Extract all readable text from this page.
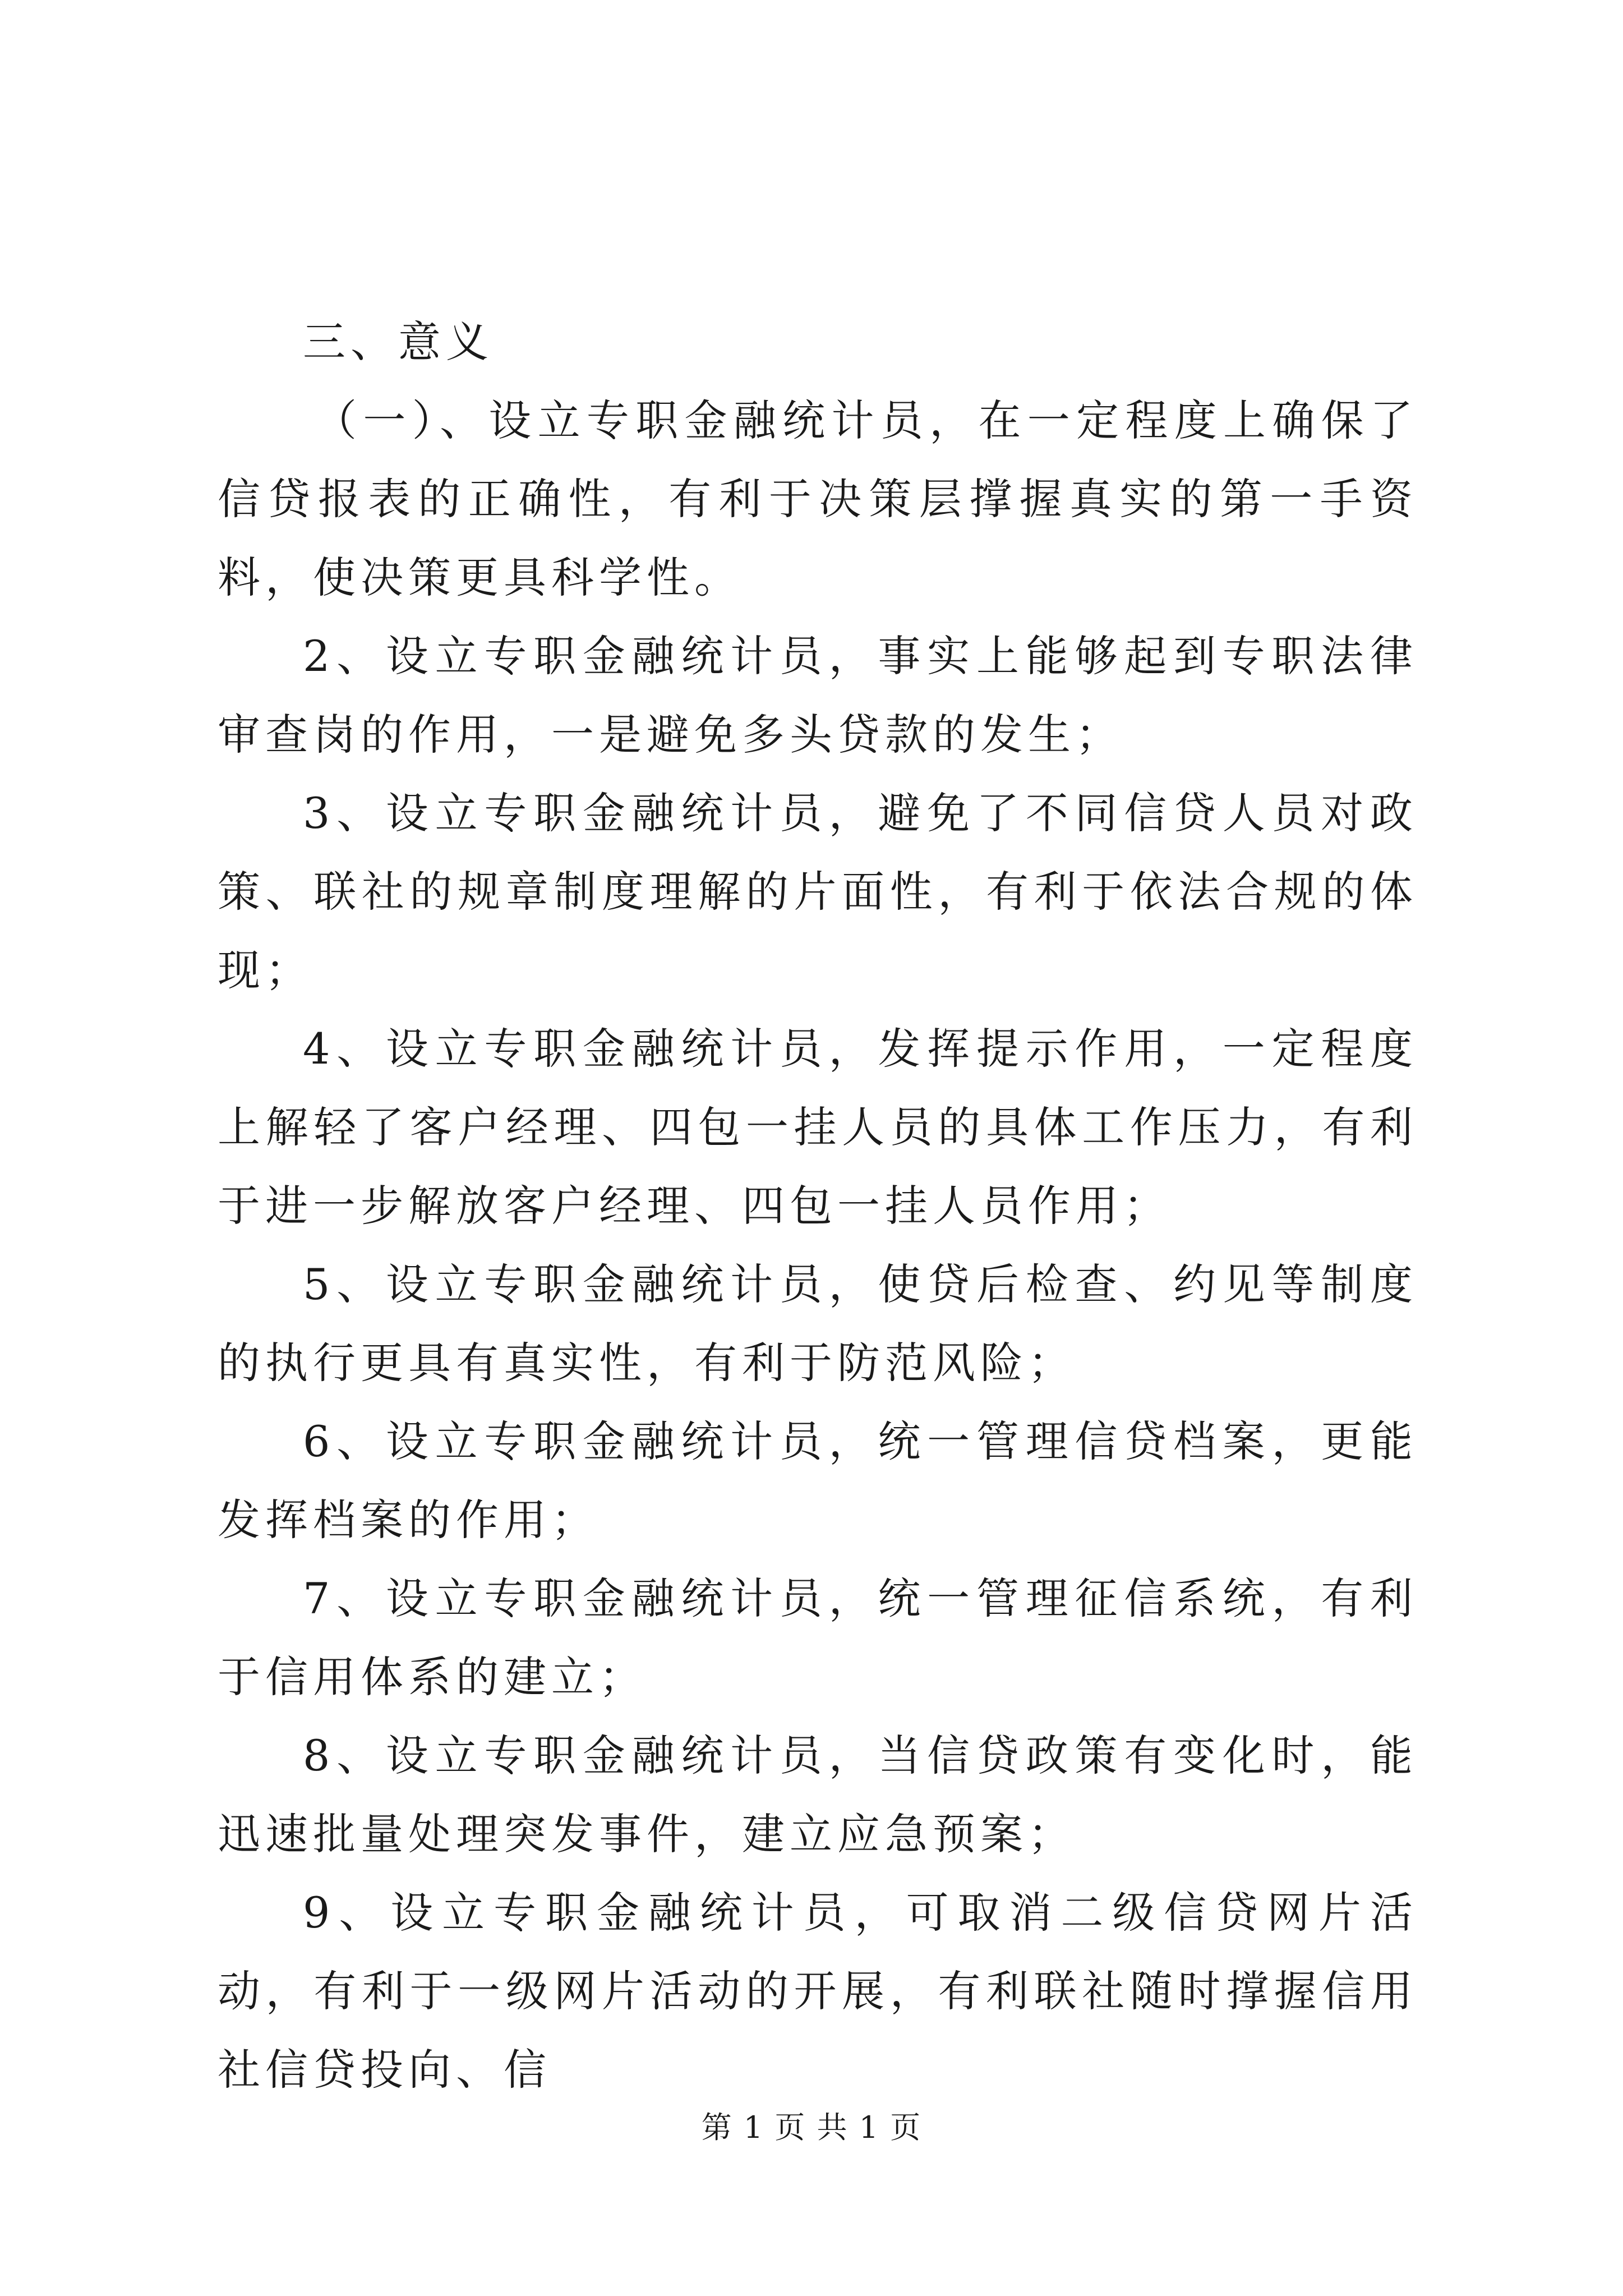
三、意义

（一）、设立专职金融统计员，在一定程度上确保了信贷报表的正确性，有利于决策层撑握真实的第一手资料，使决策更具科学性。

2、设立专职金融统计员，事实上能够起到专职法律审查岗的作用，一是避免多头贷款的发生；

3、设立专职金融统计员，避免了不同信贷人员对政策、联社的规章制度理解的片面性，有利于依法合规的体现；

4、设立专职金融统计员，发挥提示作用，一定程度上解轻了客户经理、四包一挂人员的具体工作压力，有利于进一步解放客户经理、四包一挂人员作用；

5、设立专职金融统计员，使贷后检查、约见等制度的执行更具有真实性，有利于防范风险；

6、设立专职金融统计员，统一管理信贷档案，更能发挥档案的作用；

7、设立专职金融统计员，统一管理征信系统，有利于信用体系的建立；

8、设立专职金融统计员，当信贷政策有变化时，能迅速批量处理突发事件，建立应急预案；

9、设立专职金融统计员，可取消二级信贷网片活动，有利于一级网片活动的开展，有利联社随时撑握信用社信贷投向、信

第 1 页 共 1 页
